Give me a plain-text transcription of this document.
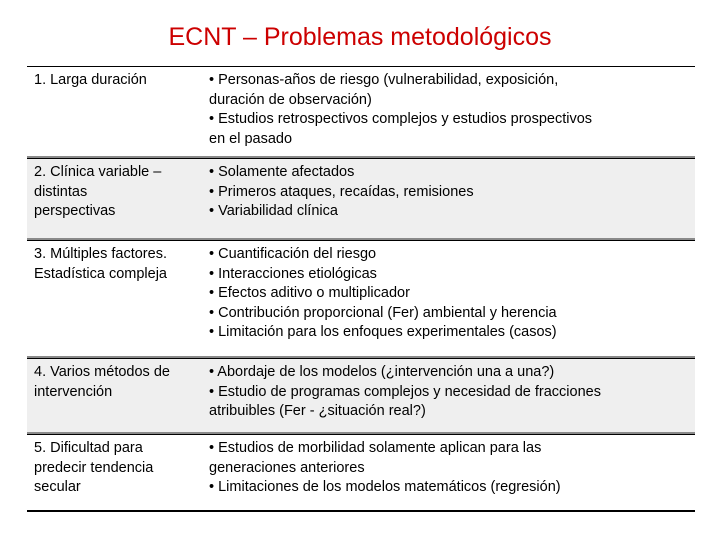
ECNT – Problemas metodológicos
1. Larga duración	• Personas-años de riesgo (vulnerabilidad, exposición,
duración de observación)
• Estudios retrospectivos complejos y estudios prospectivos
en el pasado
2. Clínica variable –
distintas
perspectivas
• Solamente afectados
• Primeros ataques, recaídas, remisiones
• Variabilidad clínica
3. Múltiples factores.
Estadística compleja
• Cuantificación del riesgo
• Interacciones etiológicas
• Efectos aditivo o multiplicador
• Contribución proporcional (Fer) ambiental y herencia
• Limitación para los enfoques experimentales (casos)
4. Varios métodos de
intervención
• Abordaje de los modelos (¿intervención una a una?)
• Estudio de programas complejos y necesidad de fracciones
atribuibles (Fer - ¿situación real?)
5. Dificultad para
predecir tendencia
secular
• Estudios de morbilidad solamente aplican para las
generaciones anteriores
• Limitaciones de los modelos matemáticos (regresión)
